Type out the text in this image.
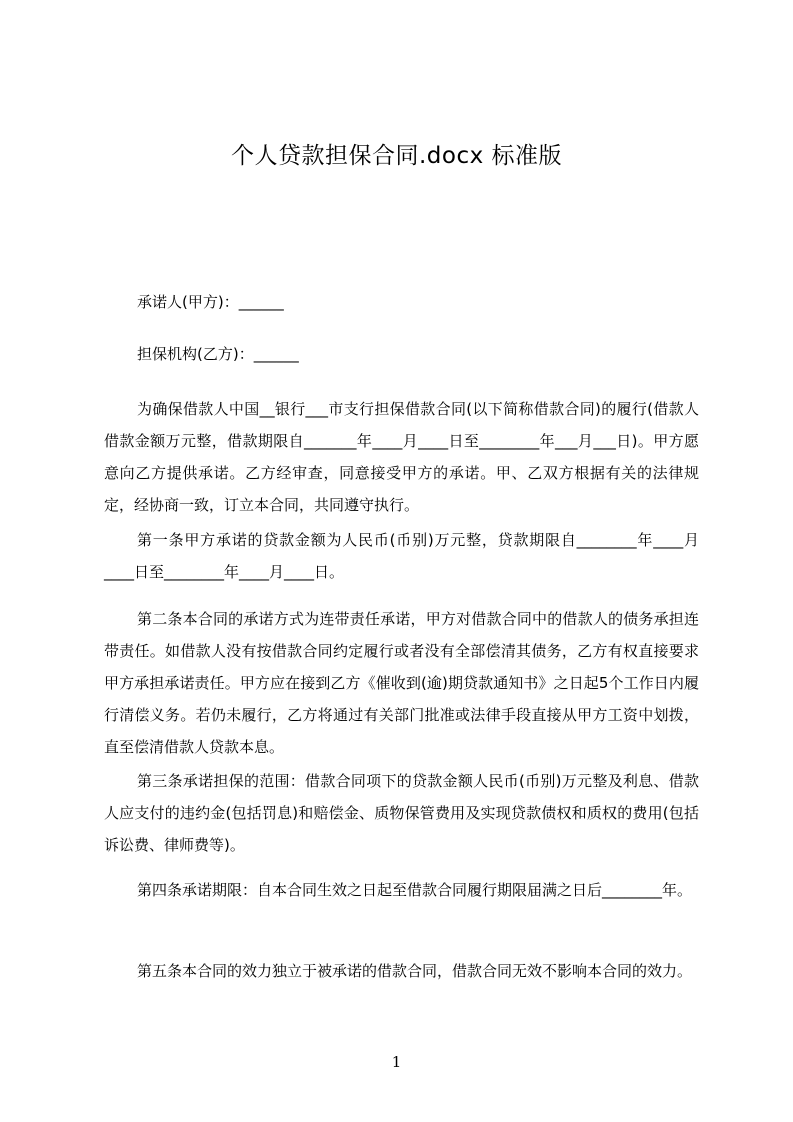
个人贷款担保合同.docx 标准版

承诺人(甲方)：______

担保机构(乙方)：______

为确保借款人中国__银行___市支行担保借款合同(以下简称借款合同)的履行(借款人借款金额万元整，借款期限自_______年____月____日至________年___月___日)。甲方愿意向乙方提供承诺。乙方经审查，同意接受甲方的承诺。甲、乙双方根据有关的法律规定，经协商一致，订立本合同，共同遵守执行。

第一条甲方承诺的贷款金额为人民币(币别)万元整，贷款期限自________年____月____日至________年____月____日。

第二条本合同的承诺方式为连带责任承诺，甲方对借款合同中的借款人的债务承担连带责任。如借款人没有按借款合同约定履行或者没有全部偿清其债务，乙方有权直接要求甲方承担承诺责任。甲方应在接到乙方《催收到(逾)期贷款通知书》之日起5个工作日内履行清偿义务。若仍未履行，乙方将通过有关部门批准或法律手段直接从甲方工资中划拨，直至偿清借款人贷款本息。

第三条承诺担保的范围：借款合同项下的贷款金额人民币(币别)万元整及利息、借款人应支付的违约金(包括罚息)和赔偿金、质物保管费用及实现贷款债权和质权的费用(包括诉讼费、律师费等)。

第四条承诺期限：自本合同生效之日起至借款合同履行期限届满之日后________年。

第五条本合同的效力独立于被承诺的借款合同，借款合同无效不影响本合同的效力。

1
